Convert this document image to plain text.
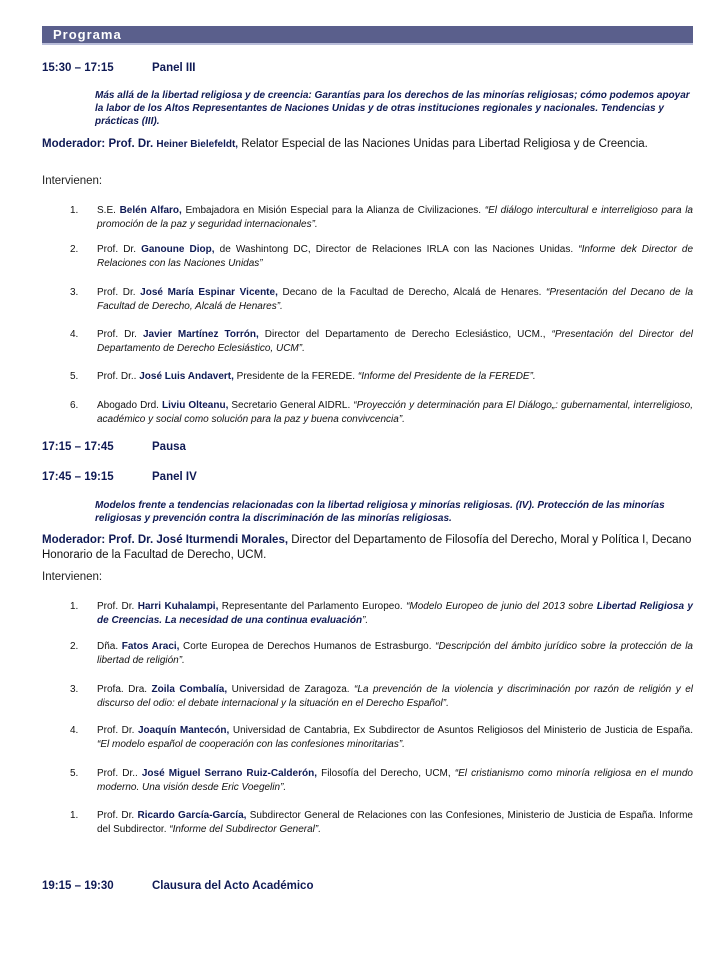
Programa
15:30 – 17:15	Panel III
Más allá de la libertad religiosa y de creencia: Garantías para los derechos de las minorías religiosas; cómo podemos apoyar la labor de los Altos Representantes de Naciones Unidas y de otras instituciones regionales y nacionales. Tendencias y prácticas (III).
Moderador: Prof. Dr. Heiner Bielefeldt, Relator Especial de las Naciones Unidas para Libertad Religiosa y de Creencia.
Intervienen:
1.	S.E. Belén Alfaro, Embajadora en Misión Especial para la Alianza de Civilizaciones. “El diálogo intercultural e interreligioso para la promoción de la paz y seguridad internacionales”.
2.	Prof. Dr. Ganoune Diop, de Washintong DC, Director de Relaciones IRLA con las Naciones Unidas. “Informe dek Director de Relaciones con las Naciones Unidas”
3.	Prof. Dr. José María Espinar Vicente, Decano de la Facultad de Derecho, Alcalá de Henares. “Presentación del Decano de la Facultad de Derecho, Alcalá de Henares”.
4.	Prof. Dr. Javier Martínez Torrón, Director del Departamento de Derecho Eclesiástico, UCM., “Presentación del Director del Departamento de Derecho Eclesiástico, UCM”.
5.	Prof. Dr.. José Luis Andavert, Presidente de la FEREDE. “Informe del Presidente de la FEREDE”.
6.	Abogado Drd. Liviu Olteanu, Secretario General AIDRL. “Proyección y determinación para El Diálogo„: gubernamental, interreligioso, académico y social como solución para la paz y buena convivcencia”.
17:15 – 17:45	Pausa
17:45 – 19:15	Panel IV
Modelos frente a tendencias relacionadas con la libertad religiosa y minorías religiosas. (IV). Protección de las minorías religiosas y prevención contra la discriminación de las minorías religiosas.
Moderador: Prof. Dr. José Iturmendi Morales, Director del Departamento de Filosofía del Derecho, Moral y Política I, Decano Honorario de la Facultad de Derecho, UCM.
Intervienen:
1.	Prof. Dr. Harri Kuhalampi, Representante del Parlamento Europeo. “Modelo Europeo de junio del 2013 sobre Libertad Religiosa y de Creencias. La necesidad de una continua evaluación”.
2.	Dña. Fatos Araci, Corte Europea de Derechos Humanos de Estrasburgo. “Descripción del ámbito jurídico sobre la protección de la libertad de religión”.
3.	Profa. Dra. Zoila Combalía, Universidad de Zaragoza. “La prevención de la violencia y discriminación por razón de religión y el discurso del odio: el debate internacional y la situación en el Derecho Español”.
4.	Prof. Dr. Joaquín Mantecón, Universidad de Cantabria, Ex Subdirector de Asuntos Religiosos del Ministerio de Justicia de España. “El modelo español de cooperación con las confesiones minoritarias”.
5.	Prof. Dr.. José Miguel Serrano Ruiz-Calderón, Filosofía del Derecho, UCM, “El cristianismo como minoría religiosa en el mundo moderno. Una visión desde Eric Voegelin”.
1.	Prof. Dr. Ricardo García-García, Subdirector General de Relaciones con las Confesiones, Ministerio de Justicia de España. Informe del Subdirector. “Informe del Subdirector General”.
19:15 – 19:30	Clausura del Acto Académico
